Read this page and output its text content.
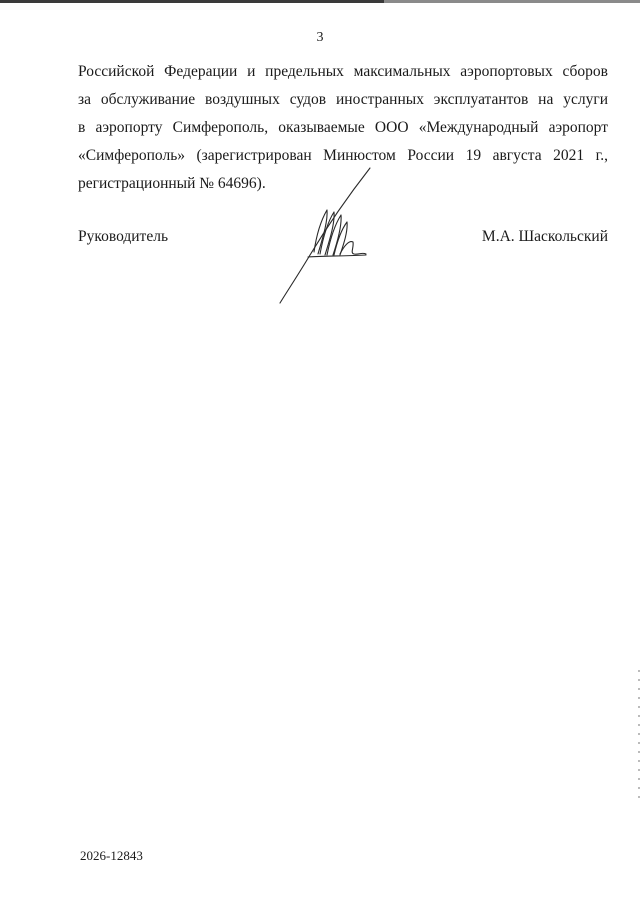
3
Российской Федерации и предельных максимальных аэропортовых сборов
за обслуживание воздушных судов иностранных эксплуатантов на услуги
в аэропорту Симферополь, оказываемые ООО «Международный аэропорт
«Симферополь» (зарегистрирован Минюстом России 19 августа 2021 г.,
регистрационный № 64696).
Руководитель	М.А. Шаскольский
2026-12843
